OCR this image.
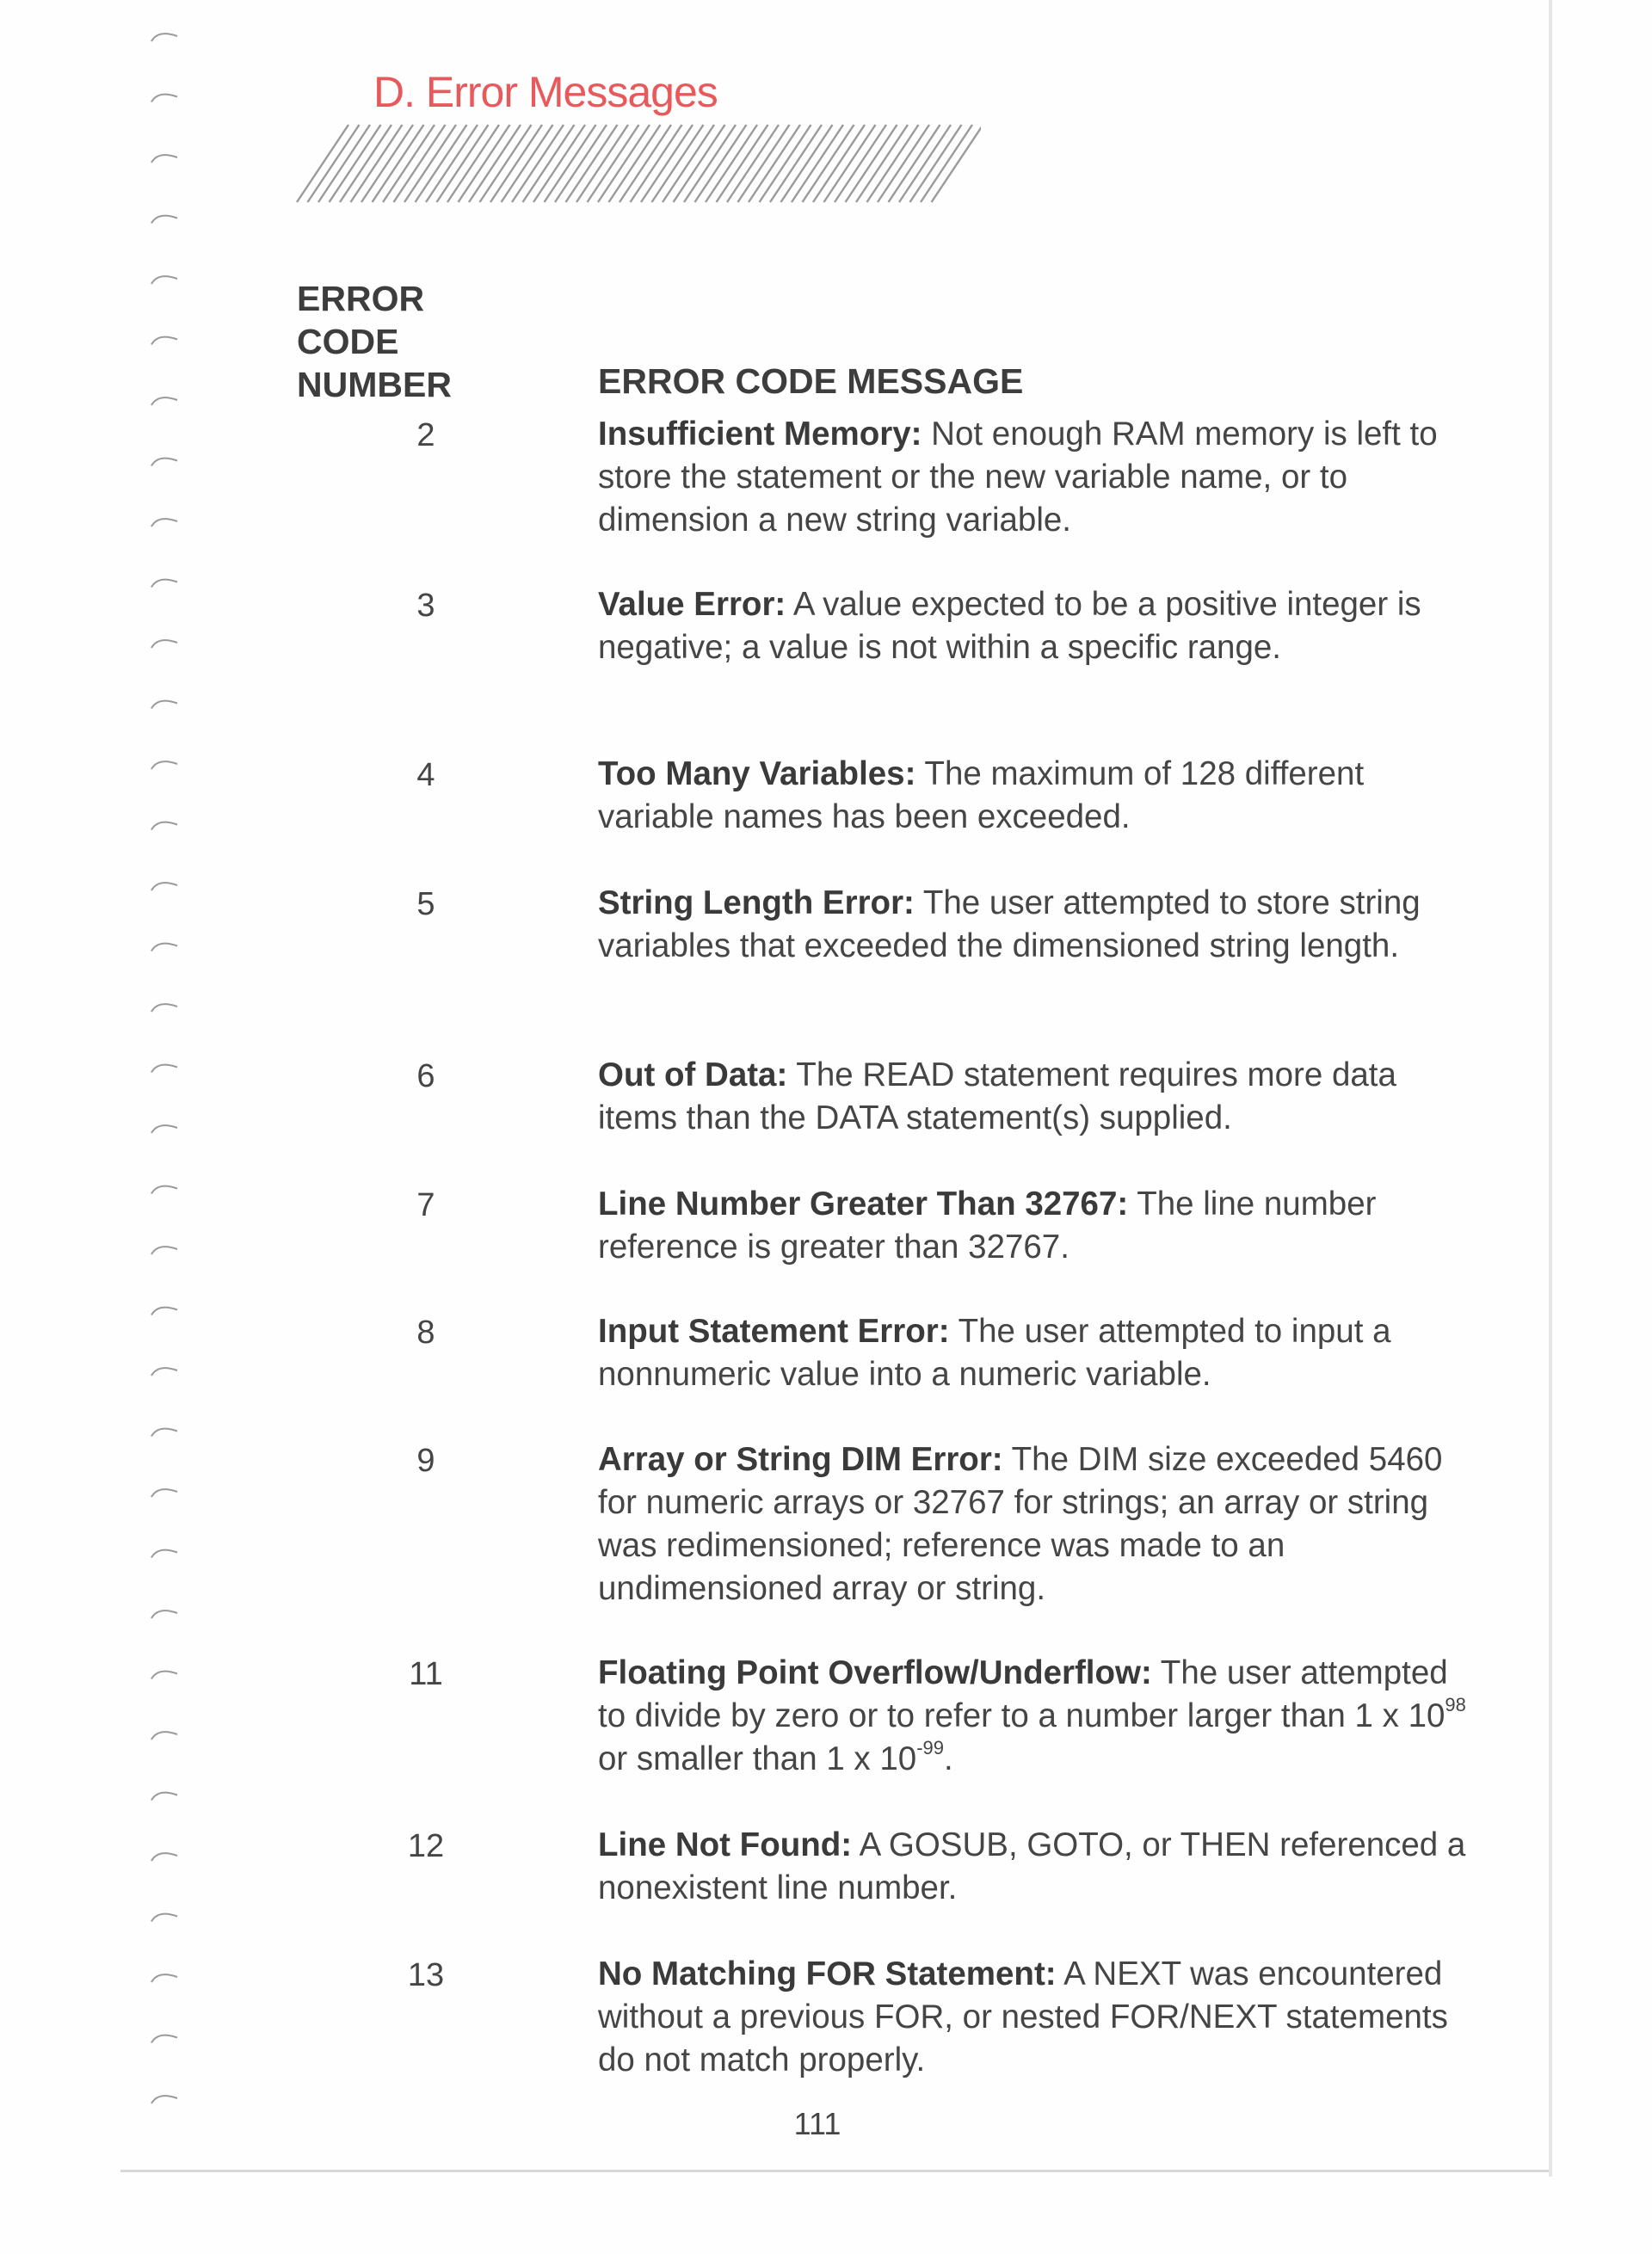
D. Error Messages
ERROR
CODE
NUMBER	ERROR CODE MESSAGE
2	Insufficient Memory: Not enough RAM memory is left to store the statement or the new variable name, or to dimension a new string variable.
3	Value Error: A value expected to be a positive integer is negative; a value is not within a specific range.
4	Too Many Variables: The maximum of 128 different variable names has been exceeded.
5	String Length Error: The user attempted to store string variables that exceeded the dimensioned string length.
6	Out of Data: The READ statement requires more data items than the DATA statement(s) supplied.
7	Line Number Greater Than 32767: The line number reference is greater than 32767.
8	Input Statement Error: The user attempted to input a nonnumeric value into a numeric variable.
9	Array or String DIM Error: The DIM size exceeded 5460 for numeric arrays or 32767 for strings; an array or string was redimensioned; reference was made to an undimensioned array or string.
11	Floating Point Overflow/Underflow: The user attempted to divide by zero or to refer to a number larger than 1 x $10^{98}$ or smaller than 1 x $10^{-99}$.
12	Line Not Found: A GOSUB, GOTO, or THEN referenced a nonexistent line number.
13	No Matching FOR Statement: A NEXT was encountered without a previous FOR, or nested FOR/NEXT statements do not match properly.
111
